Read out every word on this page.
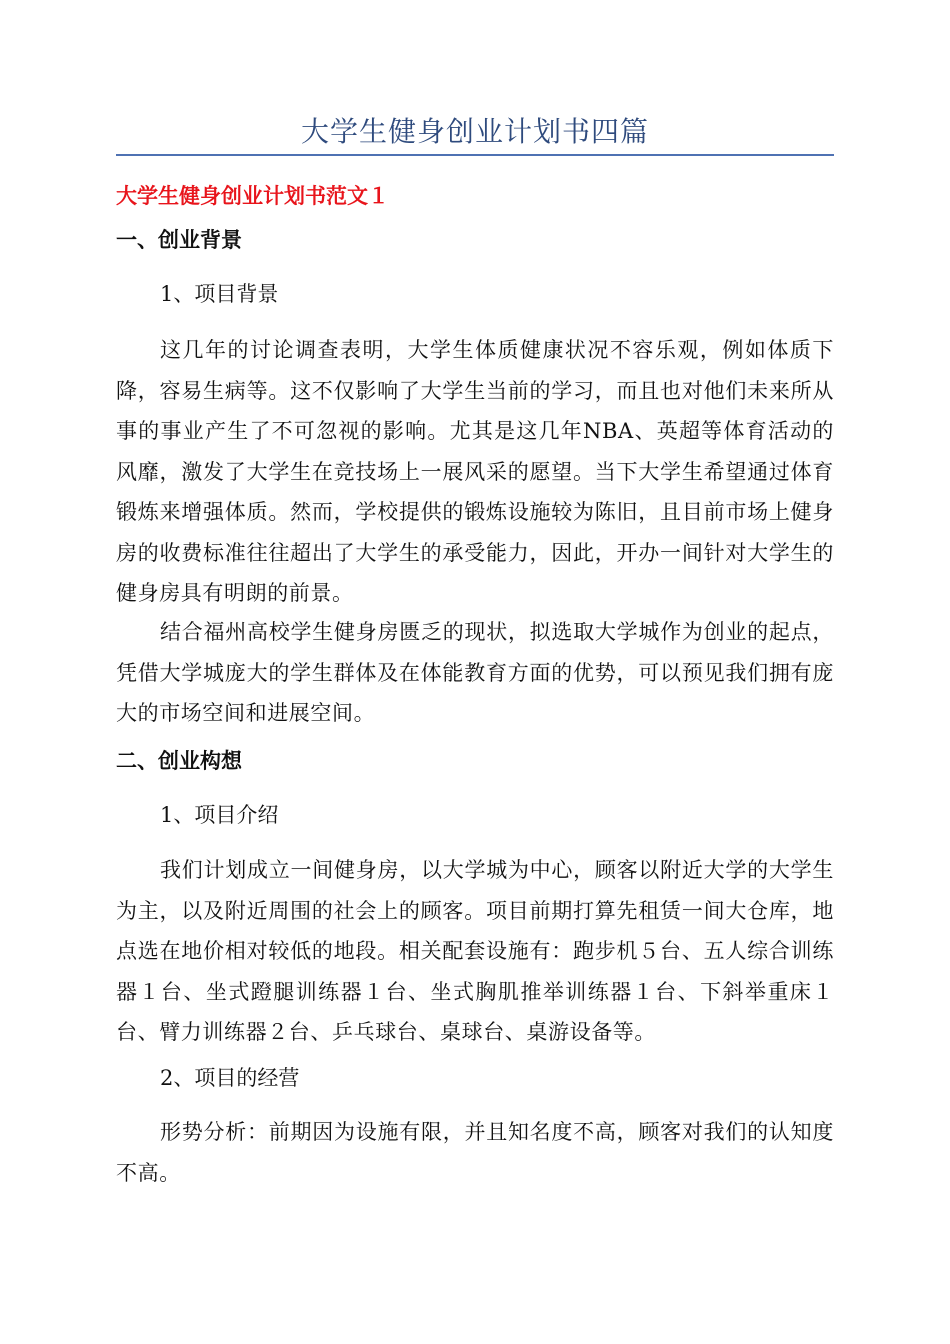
大学生健身创业计划书四篇
大学生健身创业计划书范文１
一、创业背景
1、项目背景
这几年的讨论调查表明，大学生体质健康状况不容乐观，例如体质下降，容易生病等。这不仅影响了大学生当前的学习，而且也对他们未来所从事的事业产生了不可忽视的影响。尤其是这几年NBA、英超等体育活动的风靡，激发了大学生在竞技场上一展风采的愿望。当下大学生希望通过体育锻炼来增强体质。然而，学校提供的锻炼设施较为陈旧，且目前市场上健身房的收费标准往往超出了大学生的承受能力，因此，开办一间针对大学生的健身房具有明朗的前景。
结合福州高校学生健身房匮乏的现状，拟选取大学城作为创业的起点，凭借大学城庞大的学生群体及在体能教育方面的优势，可以预见我们拥有庞大的市场空间和进展空间。
二、创业构想
1、项目介绍
我们计划成立一间健身房，以大学城为中心，顾客以附近大学的大学生为主，以及附近周围的社会上的顾客。项目前期打算先租赁一间大仓库，地点选在地价相对较低的地段。相关配套设施有：跑步机５台、五人综合训练器１台、坐式蹬腿训练器１台、坐式胸肌推举训练器１台、下斜举重床１台、臂力训练器２台、乒乓球台、桌球台、桌游设备等。
2、项目的经营
形势分析：前期因为设施有限，并且知名度不高，顾客对我们的认知度不高。
